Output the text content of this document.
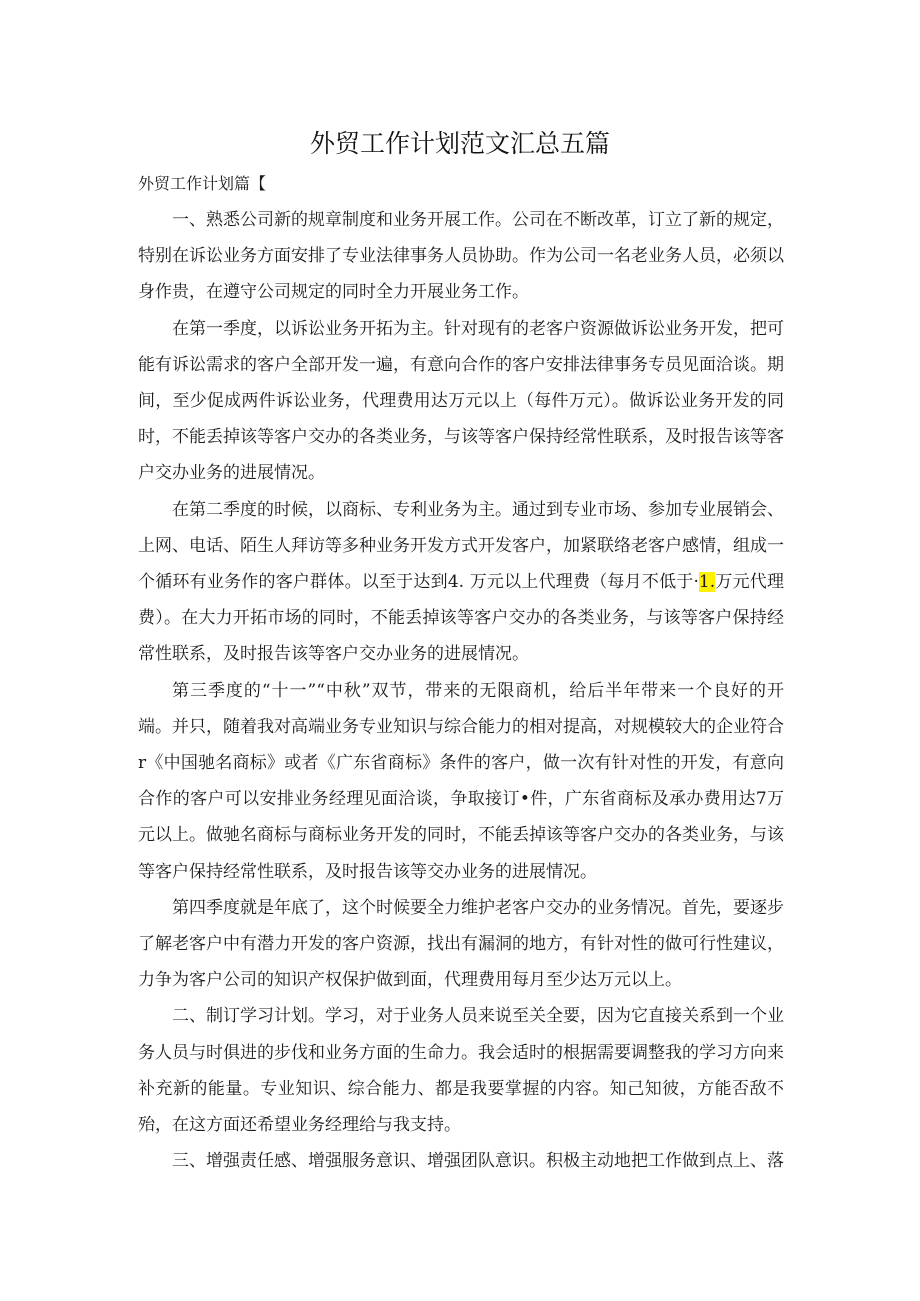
外贸工作计划范文汇总五篇
外贸工作计划篇【

一、熟悉公司新的规章制度和业务开展工作。公司在不断改革，订立了新的规定，特别在诉讼业务方面安排了专业法律事务人员协助。作为公司一名老业务人员，必须以身作贵，在遵守公司规定的同时全力开展业务工作。

在第一季度，以诉讼业务开拓为主。针对现有的老客户资源做诉讼业务开发，把可能有诉讼需求的客户全部开发一遍，有意向合作的客户安排法律事务专员见面洽谈。期间，至少促成两件诉讼业务，代理费用达万元以上（每件万元）。做诉讼业务开发的同时，不能丢掉该等客户交办的各类业务，与该等客户保持经常性联系，及时报告该等客户交办业务的进展情况。

在第二季度的时候，以商标、专利业务为主。通过到专业市场、参加专业展销会、上网、电话、陌生人拜访等多种业务开发方式开发客户，加紧联络老客户感情，组成一个循环有业务作的客户群体。以至于达到4. 万元以上代理费（每月不低于·1.万元代理费）。在大力开拓市场的同时，不能丢掉该等客户交办的各类业务，与该等客户保持经常性联系，及时报告该等客户交办业务的进展情况。

第三季度的“十一”“中秋”双节，带来的无限商机，给后半年带来一个良好的开端。并只，随着我对高端业务专业知识与综合能力的相对提高，对规模较大的企业符合r《中国驰名商标》或者《广东省商标》条件的客户，做一次有针对性的开发，有意向合作的客户可以安排业务经理见面洽谈，争取接订•件，广东省商标及承办费用达7万元以上。做驰名商标与商标业务开发的同时，不能丢掉该等客户交办的各类业务，与该等客户保持经常性联系，及时报告该等交办业务的进展情况。

第四季度就是年底了，这个时候要全力维护老客户交办的业务情况。首先，要逐步了解老客户中有潜力开发的客户资源，找出有漏洞的地方，有针对性的做可行性建议，力争为客户公司的知识产权保护做到面，代理费用每月至少达万元以上。

二、制订学习计划。学习，对于业务人员来说至关全要，因为它直接关系到一个业务人员与时俱进的步伐和业务方面的生命力。我会适时的根据需要调整我的学习方向来补充新的能量。专业知识、综合能力、都是我要掌握的内容。知己知彼，方能否敌不殆，在这方面还希望业务经理给与我支持。

三、增强责任感、增强服务意识、增强团队意识。积极主动地把工作做到点上、落
